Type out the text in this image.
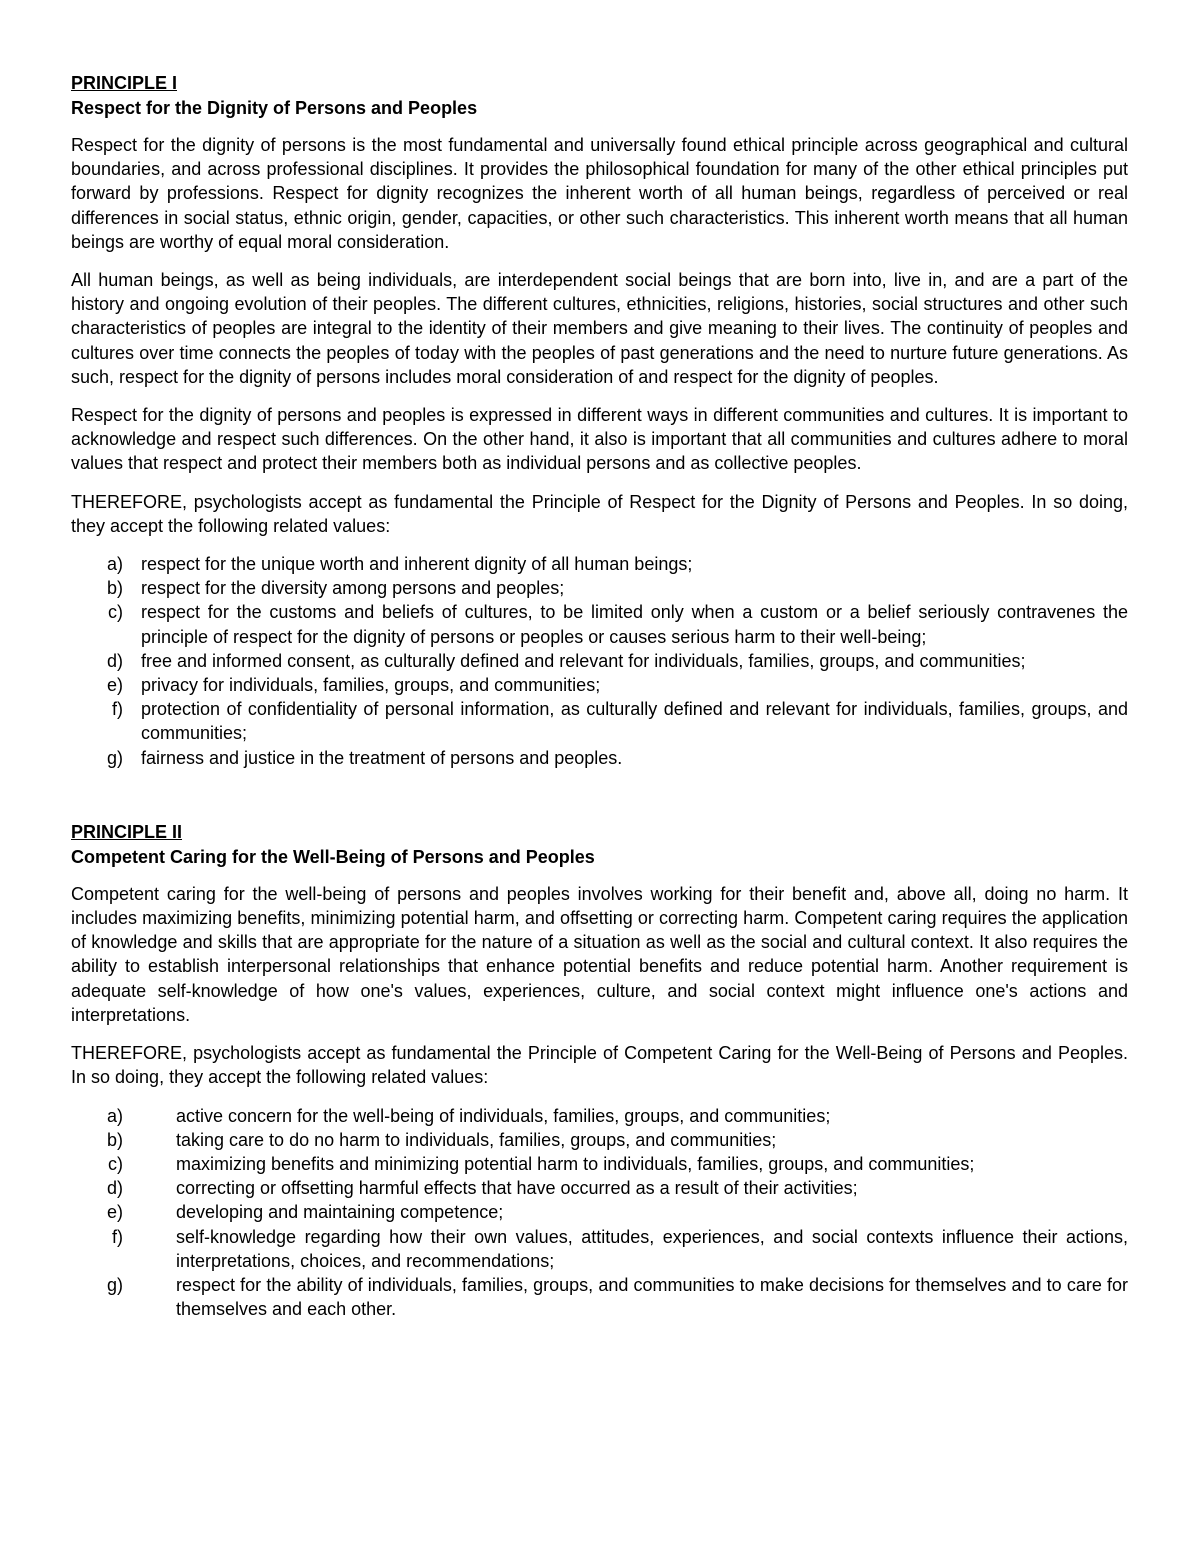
PRINCIPLE I
Respect for the Dignity of Persons and Peoples

Respect for the dignity of persons is the most fundamental and universally found ethical principle across geographical and cultural boundaries, and across professional disciplines. It provides the philosophical foundation for many of the other ethical principles put forward by professions. Respect for dignity recognizes the inherent worth of all human beings, regardless of perceived or real differences in social status, ethnic origin, gender, capacities, or other such characteristics. This inherent worth means that all human beings are worthy of equal moral consideration.

All human beings, as well as being individuals, are interdependent social beings that are born into, live in, and are a part of the history and ongoing evolution of their peoples. The different cultures, ethnicities, religions, histories, social structures and other such characteristics of peoples are integral to the identity of their members and give meaning to their lives. The continuity of peoples and cultures over time connects the peoples of today with the peoples of past generations and the need to nurture future generations. As such, respect for the dignity of persons includes moral consideration of and respect for the dignity of peoples.

Respect for the dignity of persons and peoples is expressed in different ways in different communities and cultures. It is important to acknowledge and respect such differences. On the other hand, it also is important that all communities and cultures adhere to moral values that respect and protect their members both as individual persons and as collective peoples.

THEREFORE, psychologists accept as fundamental the Principle of Respect for the Dignity of Persons and Peoples. In so doing, they accept the following related values:

a)	respect for the unique worth and inherent dignity of all human beings;
b)	respect for the diversity among persons and peoples;
c)	respect for the customs and beliefs of cultures, to be limited only when a custom or a belief seriously contravenes the principle of respect for the dignity of persons or peoples or causes serious harm to their well-being;
d)	free and informed consent, as culturally defined and relevant for individuals, families, groups, and communities;
e)	privacy for individuals, families, groups, and communities;
f)	protection of confidentiality of personal information, as culturally defined and relevant for individuals, families, groups, and communities;
g)	fairness and justice in the treatment of persons and peoples.
PRINCIPLE II
Competent Caring for the Well-Being of Persons and Peoples

Competent caring for the well-being of persons and peoples involves working for their benefit and, above all, doing no harm. It includes maximizing benefits, minimizing potential harm, and offsetting or correcting harm. Competent caring requires the application of knowledge and skills that are appropriate for the nature of a situation as well as the social and cultural context. It also requires the ability to establish interpersonal relationships that enhance potential benefits and reduce potential harm. Another requirement is adequate self-knowledge of how one's values, experiences, culture, and social context might influence one's actions and interpretations.

THEREFORE, psychologists accept as fundamental the Principle of Competent Caring for the Well-Being of Persons and Peoples. In so doing, they accept the following related values:

a)	active concern for the well-being of individuals, families, groups, and communities;
b)	taking care to do no harm to individuals, families, groups, and communities;
c)	maximizing benefits and minimizing potential harm to individuals, families, groups, and communities;
d)	correcting or offsetting harmful effects that have occurred as a result of their activities;
e)	developing and maintaining competence;
f)	self-knowledge regarding how their own values, attitudes, experiences, and social contexts influence their actions, interpretations, choices, and recommendations;
g)	respect for the ability of individuals, families, groups, and communities to make decisions for themselves and to care for themselves and each other.
